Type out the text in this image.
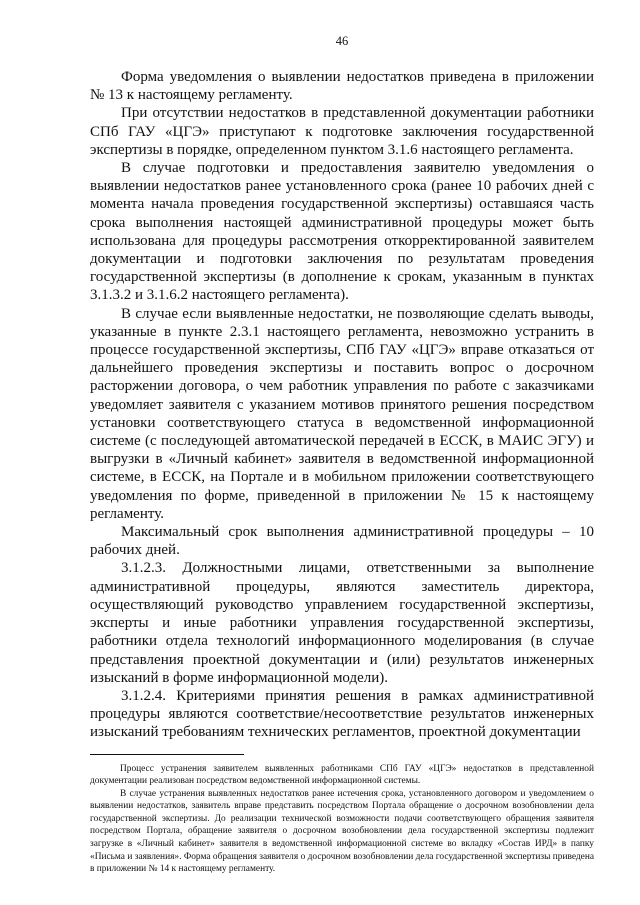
46

Форма уведомления о выявлении недостатков приведена в приложении № 13 к настоящему регламенту.

При отсутствии недостатков в представленной документации работники СПб ГАУ «ЦГЭ» приступают к подготовке заключения государственной экспертизы в порядке, определенном пунктом 3.1.6 настоящего регламента.

В случае подготовки и предоставления заявителю уведомления о выявлении недостатков ранее установленного срока (ранее 10 рабочих дней с момента начала проведения государственной экспертизы) оставшаяся часть срока выполнения настоящей административной процедуры может быть использована для процедуры рассмотрения откорректированной заявителем документации и подготовки заключения по результатам проведения государственной экспертизы (в дополнение к срокам, указанным в пунктах 3.1.3.2 и 3.1.6.2 настоящего регламента).

В случае если выявленные недостатки, не позволяющие сделать выводы, указанные в пункте 2.3.1 настоящего регламента, невозможно устранить в процессе государственной экспертизы, СПб ГАУ «ЦГЭ» вправе отказаться от дальнейшего проведения экспертизы и поставить вопрос о досрочном расторжении договора, о чем работник управления по работе с заказчиками уведомляет заявителя с указанием мотивов принятого решения посредством установки соответствующего статуса в ведомственной информационной системе (с последующей автоматической передачей в ЕССК, в МАИС ЭГУ) и выгрузки в «Личный кабинет» заявителя в ведомственной информационной системе, в ЕССК, на Портале и в мобильном приложении соответствующего уведомления по форме, приведенной в приложении № 15 к настоящему регламенту.

Максимальный срок выполнения административной процедуры – 10 рабочих дней.

3.1.2.3. Должностными лицами, ответственными за выполнение административной процедуры, являются заместитель директора, осуществляющий руководство управлением государственной экспертизы, эксперты и иные работники управления государственной экспертизы, работники отдела технологий информационного моделирования (в случае представления проектной документации и (или) результатов инженерных изысканий в форме информационной модели).

3.1.2.4. Критериями принятия решения в рамках административной процедуры являются соответствие/несоответствие результатов инженерных изысканий требованиям технических регламентов, проектной документации

Процесс устранения заявителем выявленных работниками СПб ГАУ «ЦГЭ» недостатков в представленной документации реализован посредством ведомственной информационной системы.

В случае устранения выявленных недостатков ранее истечения срока, установленного договором и уведомлением о выявлении недостатков, заявитель вправе представить посредством Портала обращение о досрочном возобновлении дела государственной экспертизы. До реализации технической возможности подачи соответствующего обращения заявителя посредством Портала, обращение заявителя о досрочном возобновлении дела государственной экспертизы подлежит загрузке в «Личный кабинет» заявителя в ведомственной информационной системе во вкладку «Состав ИРД» в папку «Письма и заявления». Форма обращения заявителя о досрочном возобновлении дела государственной экспертизы приведена в приложении № 14 к настоящему регламенту.
